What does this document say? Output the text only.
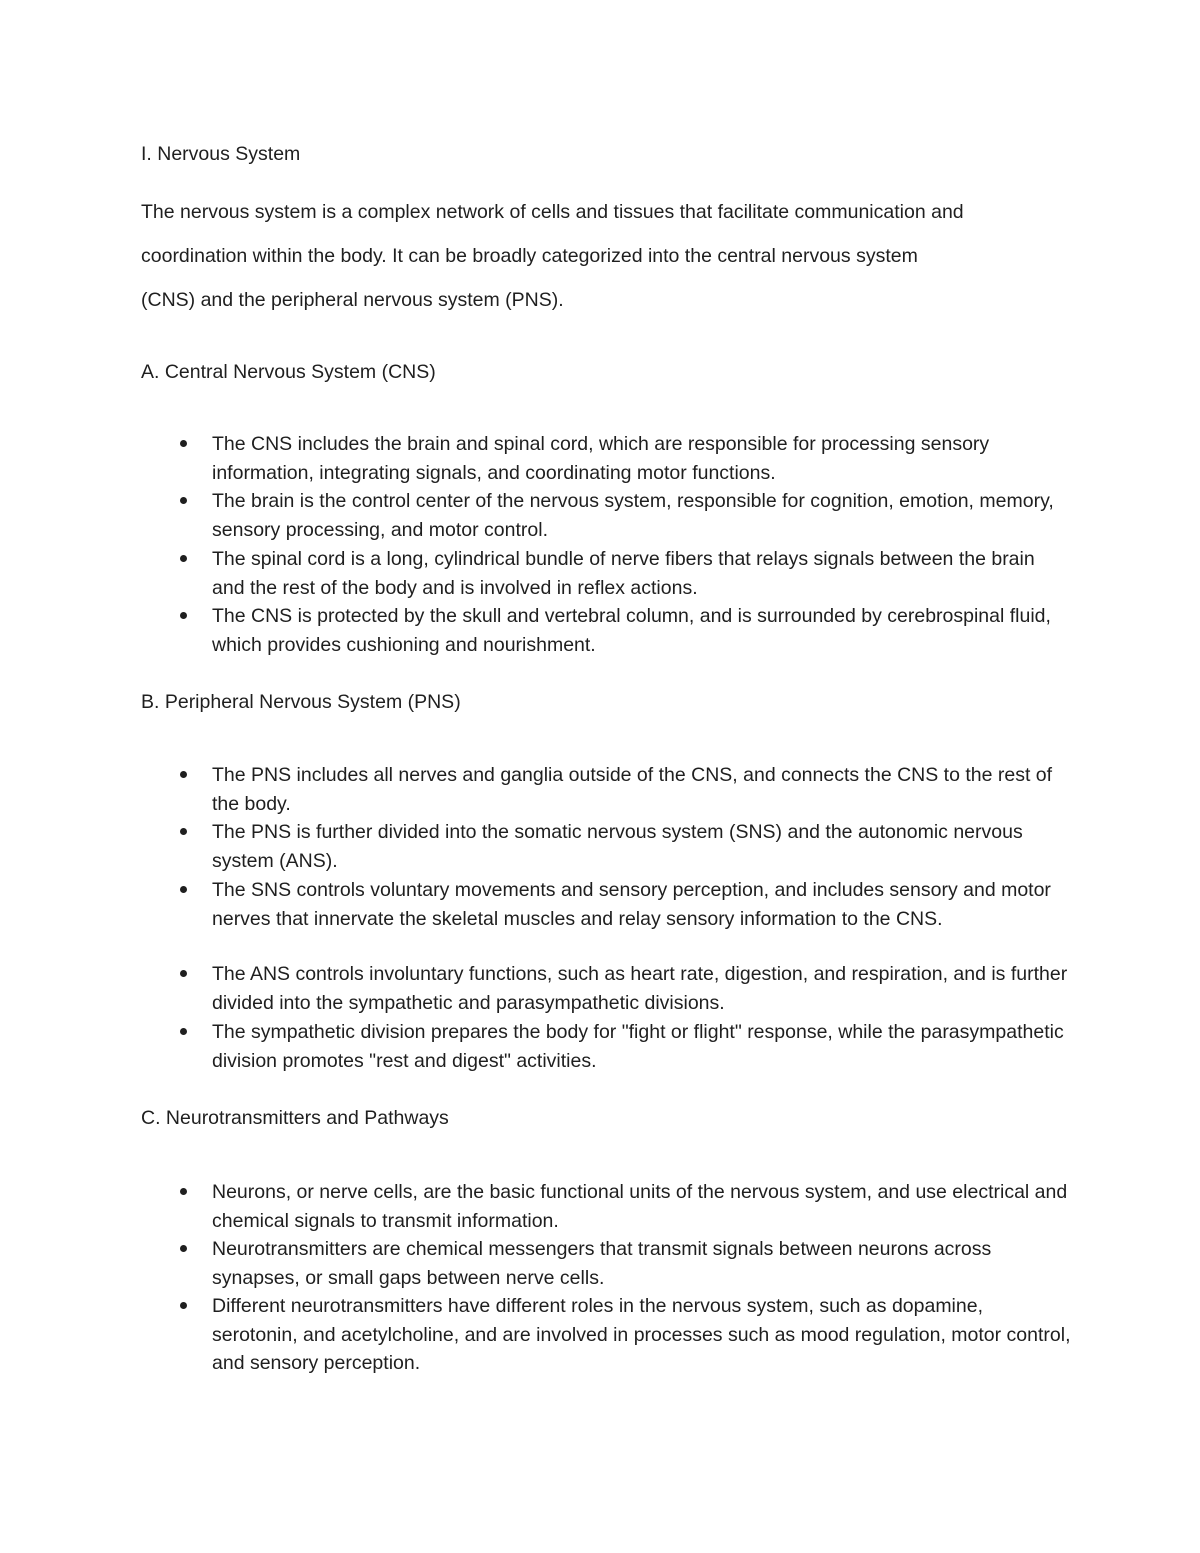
I. Nervous System
The nervous system is a complex network of cells and tissues that facilitate communication and
coordination within the body. It can be broadly categorized into the central nervous system
(CNS) and the peripheral nervous system (PNS).
A. Central Nervous System (CNS)
The CNS includes the brain and spinal cord, which are responsible for processing sensory information, integrating signals, and coordinating motor functions.
The brain is the control center of the nervous system, responsible for cognition, emotion, memory, sensory processing, and motor control.
The spinal cord is a long, cylindrical bundle of nerve fibers that relays signals between the brain and the rest of the body and is involved in reflex actions.
The CNS is protected by the skull and vertebral column, and is surrounded by cerebrospinal fluid, which provides cushioning and nourishment.
B. Peripheral Nervous System (PNS)
The PNS includes all nerves and ganglia outside of the CNS, and connects the CNS to the rest of the body.
The PNS is further divided into the somatic nervous system (SNS) and the autonomic nervous system (ANS).
The SNS controls voluntary movements and sensory perception, and includes sensory and motor nerves that innervate the skeletal muscles and relay sensory information to the CNS.
The ANS controls involuntary functions, such as heart rate, digestion, and respiration, and is further divided into the sympathetic and parasympathetic divisions.
The sympathetic division prepares the body for "fight or flight" response, while the parasympathetic division promotes "rest and digest" activities.
C. Neurotransmitters and Pathways
Neurons, or nerve cells, are the basic functional units of the nervous system, and use electrical and chemical signals to transmit information.
Neurotransmitters are chemical messengers that transmit signals between neurons across synapses, or small gaps between nerve cells.
Different neurotransmitters have different roles in the nervous system, such as dopamine, serotonin, and acetylcholine, and are involved in processes such as mood regulation, motor control, and sensory perception.
